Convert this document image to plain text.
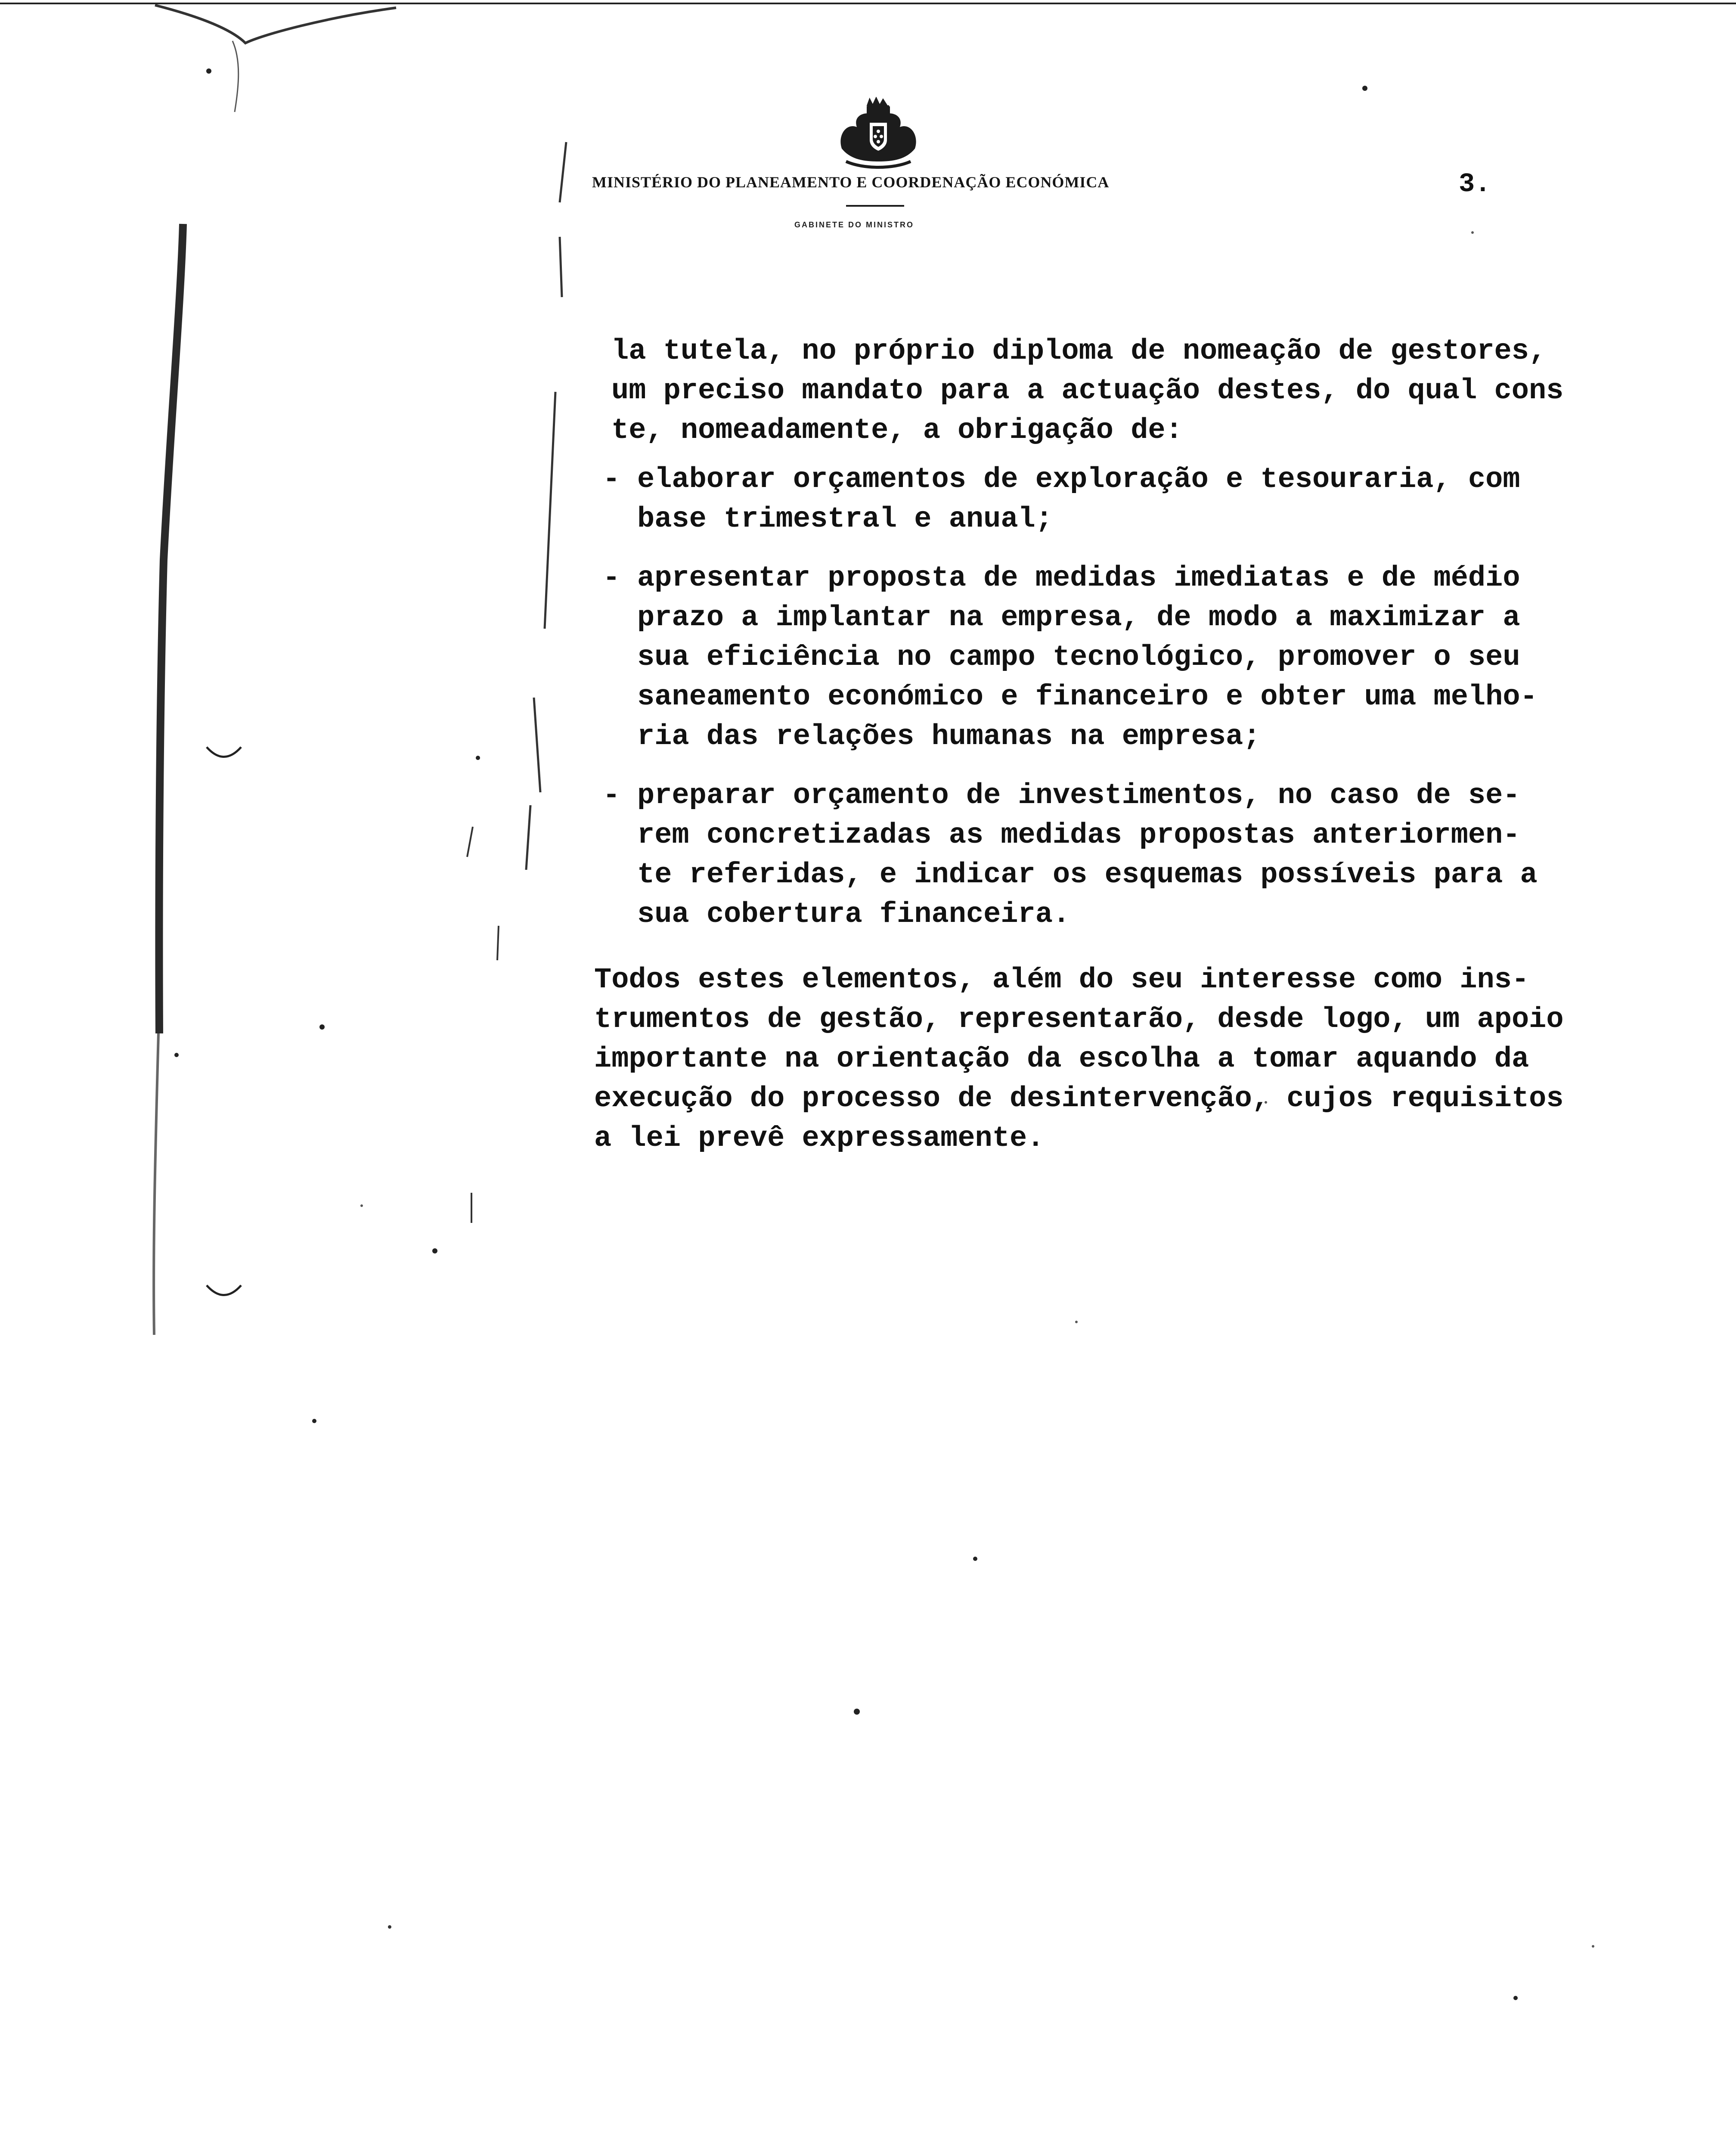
MINISTÉRIO DO PLANEAMENTO E COORDENAÇÃO ECONÓMICA
GABINETE DO MINISTRO
3.
la tutela, no próprio diploma de nomeação de gestores,
um preciso mandato para a actuação destes, do qual cons
te, nomeadamente, a obrigação de:
- elaborar orçamentos de exploração e tesouraria, com
base trimestral e anual;
- apresentar proposta de medidas imediatas e de médio
prazo a implantar na empresa, de modo a maximizar a
sua eficiência no campo tecnológico, promover o seu
saneamento económico e financeiro e obter uma melho-
ria das relações humanas na empresa;
- preparar orçamento de investimentos, no caso de se-
rem concretizadas as medidas propostas anteriormen-
te referidas, e indicar os esquemas possíveis para a
sua cobertura financeira.
Todos estes elementos, além do seu interesse como ins-
trumentos de gestão, representarão, desde logo, um apoio
importante na orientação da escolha a tomar aquando da
execução do processo de desintervenção, cujos requisitos
a lei prevê expressamente.
